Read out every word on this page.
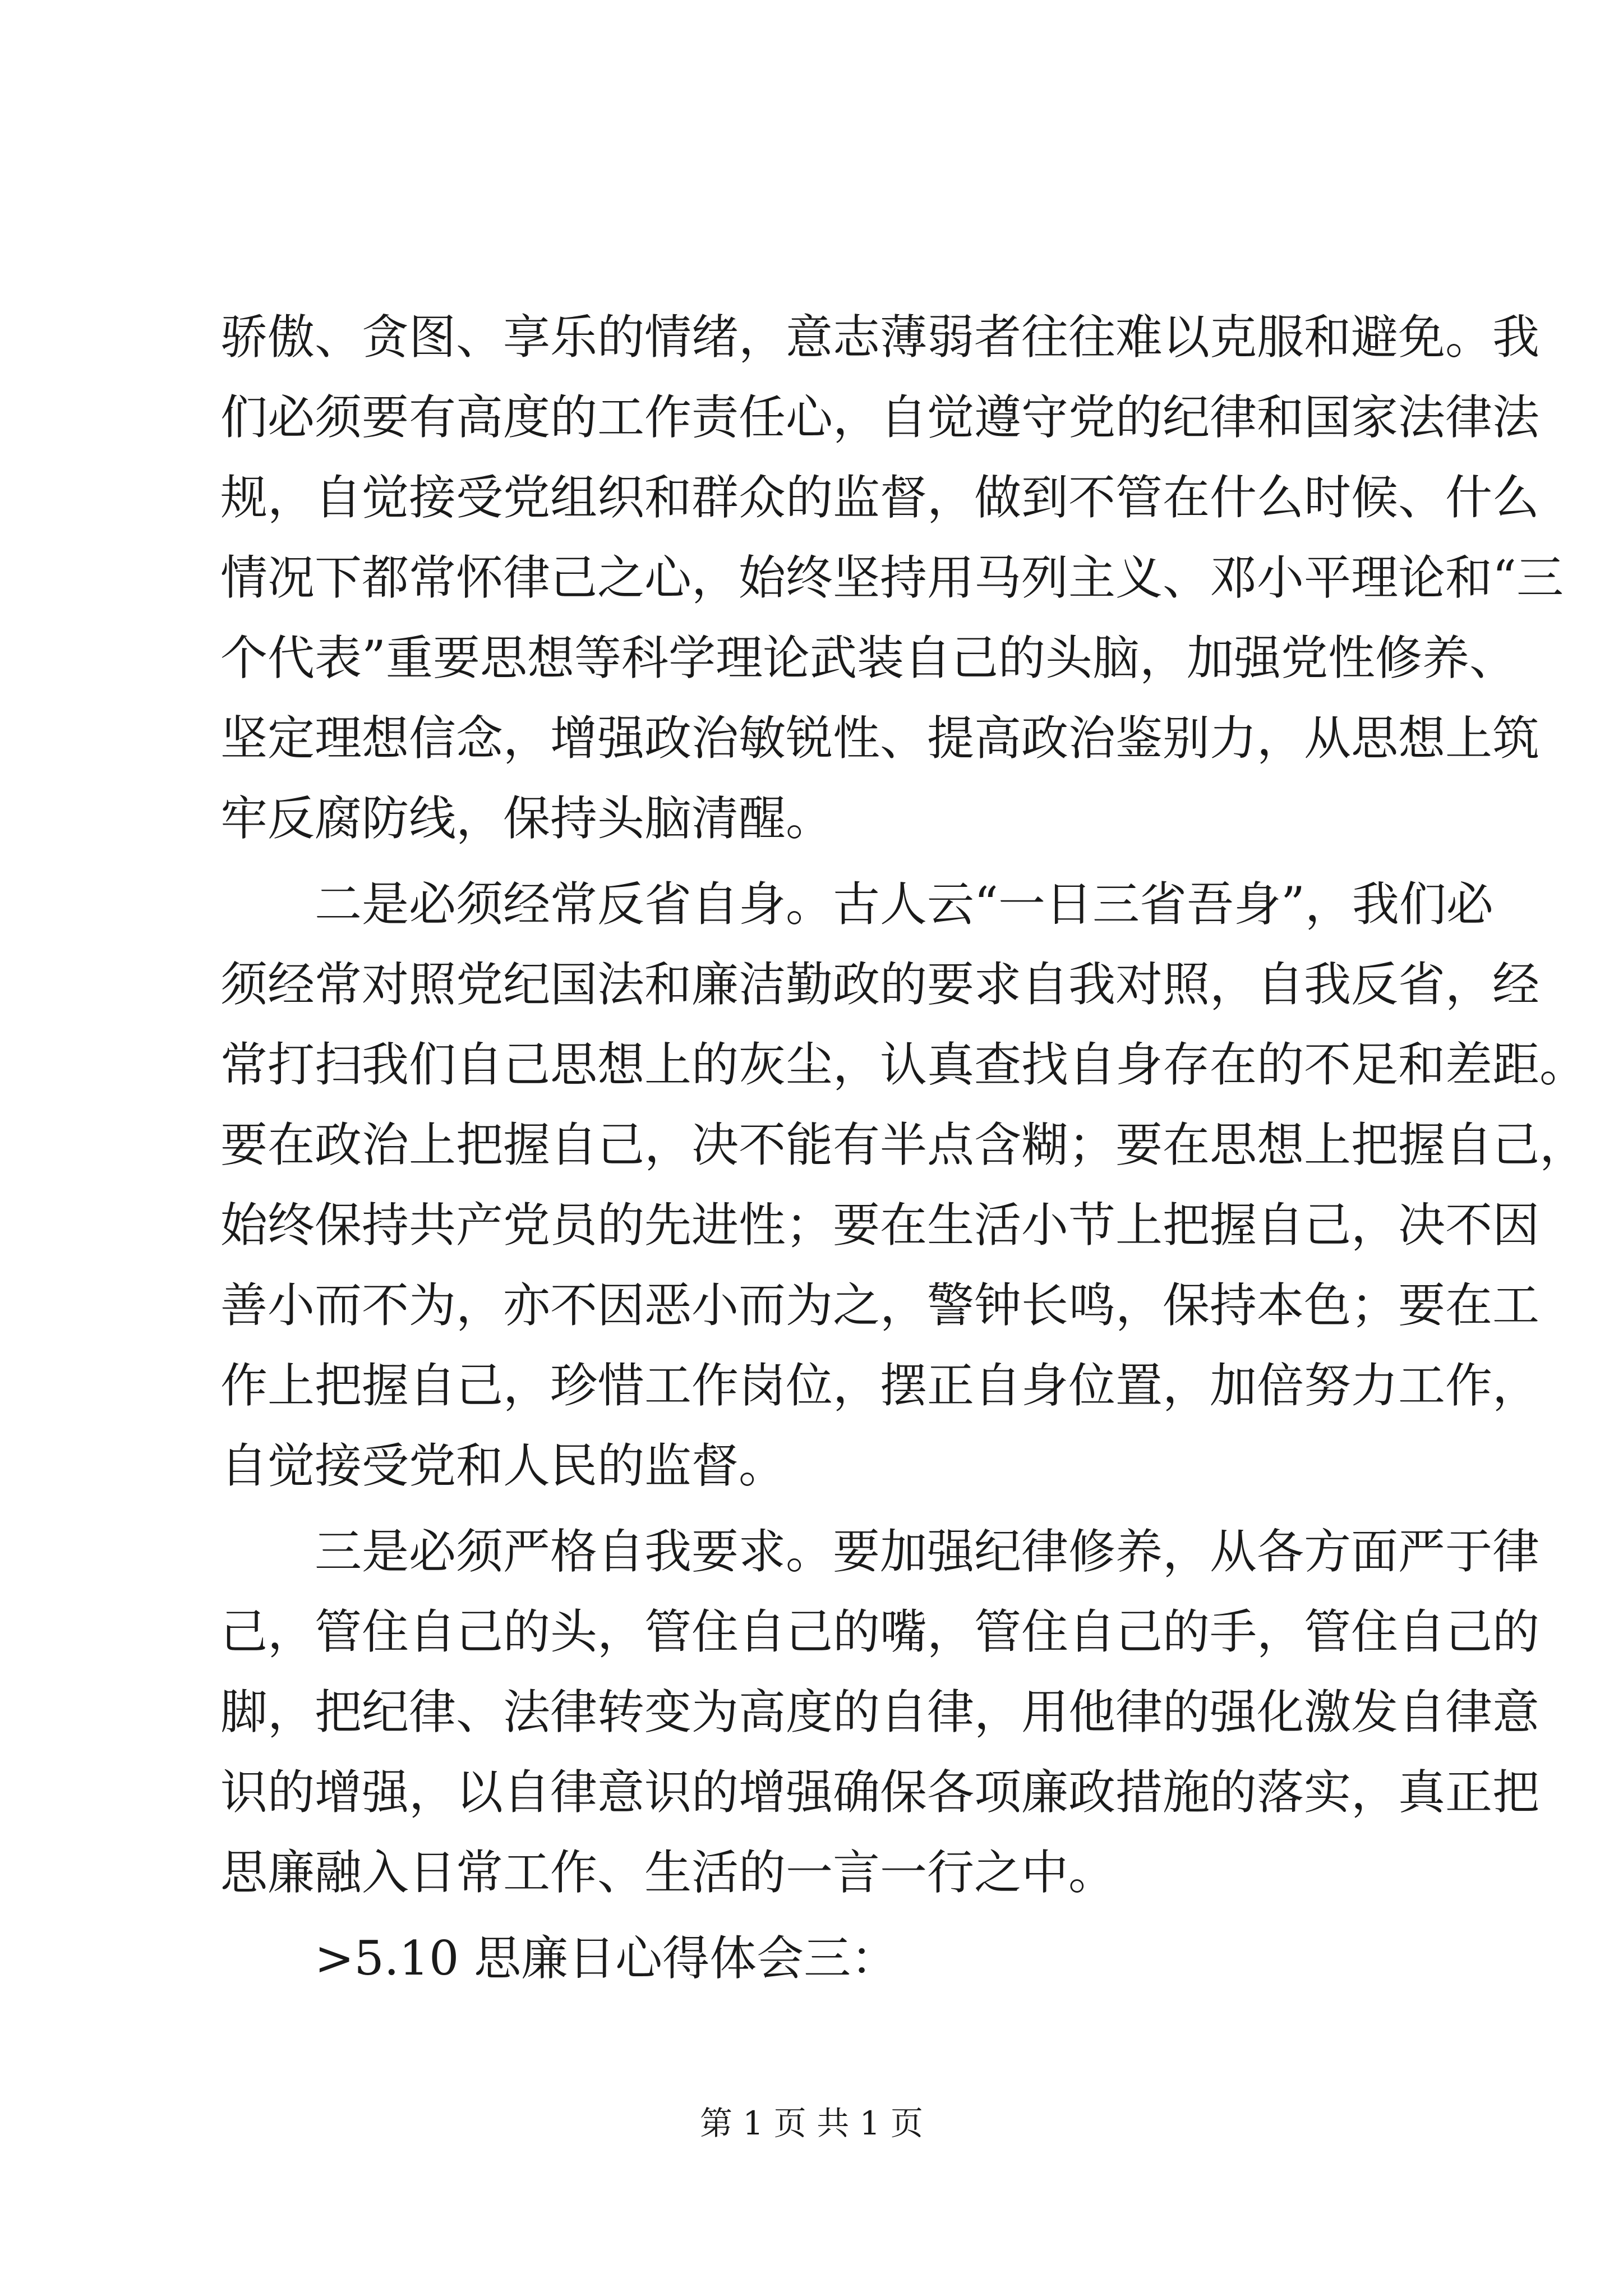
骄傲、贪图、享乐的情绪，意志薄弱者往往难以克服和避免。我
们必须要有高度的工作责任心，自觉遵守党的纪律和国家法律法
规，自觉接受党组织和群众的监督，做到不管在什么时候、什么
情况下都常怀律己之心，始终坚持用马列主义、邓小平理论和“三
个代表”重要思想等科学理论武装自己的头脑，加强党性修养、
坚定理想信念，增强政治敏锐性、提高政治鉴别力，从思想上筑
牢反腐防线，保持头脑清醒。
二是必须经常反省自身。古人云“一日三省吾身”，我们必
须经常对照党纪国法和廉洁勤政的要求自我对照，自我反省，经
常打扫我们自己思想上的灰尘，认真查找自身存在的不足和差距。
要在政治上把握自己，决不能有半点含糊；要在思想上把握自己，
始终保持共产党员的先进性；要在生活小节上把握自己，决不因
善小而不为，亦不因恶小而为之，警钟长鸣，保持本色；要在工
作上把握自己，珍惜工作岗位，摆正自身位置，加倍努力工作，
自觉接受党和人民的监督。
三是必须严格自我要求。要加强纪律修养，从各方面严于律
己，管住自己的头，管住自己的嘴，管住自己的手，管住自己的
脚，把纪律、法律转变为高度的自律，用他律的强化激发自律意
识的增强，以自律意识的增强确保各项廉政措施的落实，真正把
思廉融入日常工作、生活的一言一行之中。
>5.10 思廉日心得体会三：
第 1 页 共 1 页
